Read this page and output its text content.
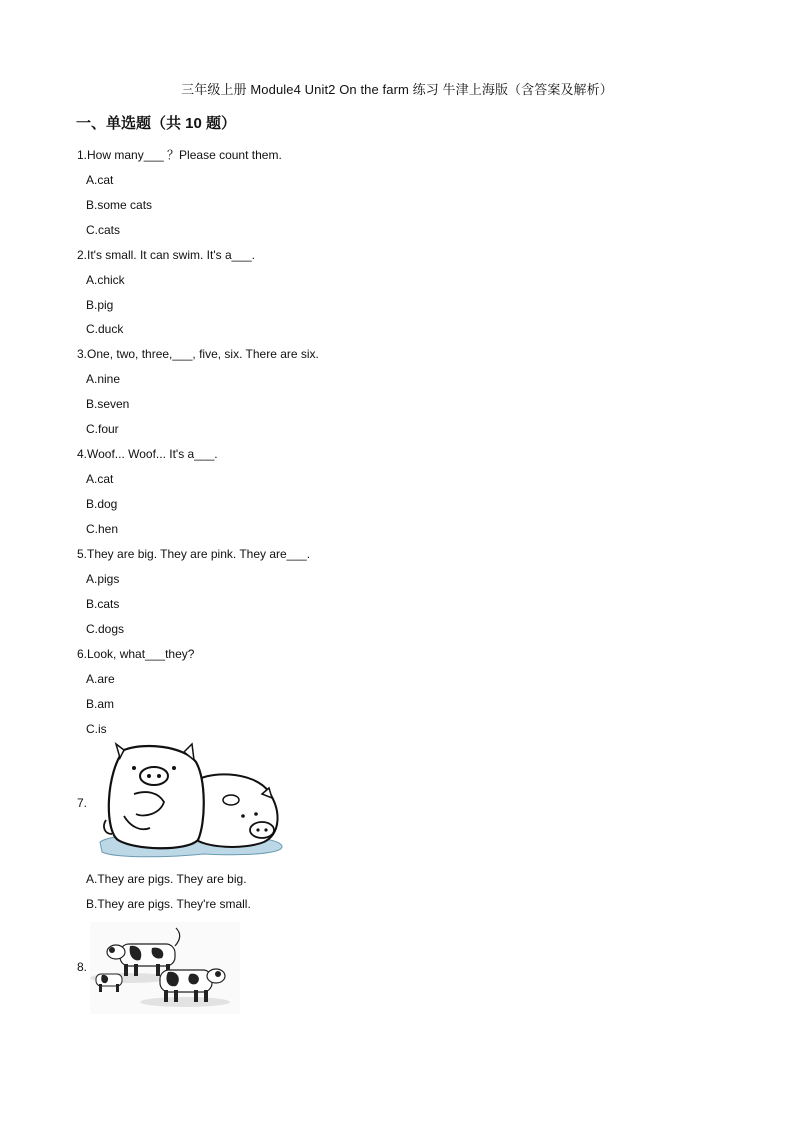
三年级上册 Module4 Unit2 On the farm 练习 牛津上海版（含答案及解析）
一、单选题（共 10 题）
1.How many___ ？Please count them.
A.cat
B.some cats
C.cats
2.It's small. It can swim. It's a___.
A.chick
B.pig
C.duck
3.One, two, three,___, five, six. There are six.
A.nine
B.seven
C.four
4.Woof... Woof... It's a___.
A.cat
B.dog
C.hen
5.They are big. They are pink. They are___.
A.pigs
B.cats
C.dogs
6.Look, what___they?
A.are
B.am
C.is
7.
A.They are pigs. They are big.
B.They are pigs. They're small.
8.
